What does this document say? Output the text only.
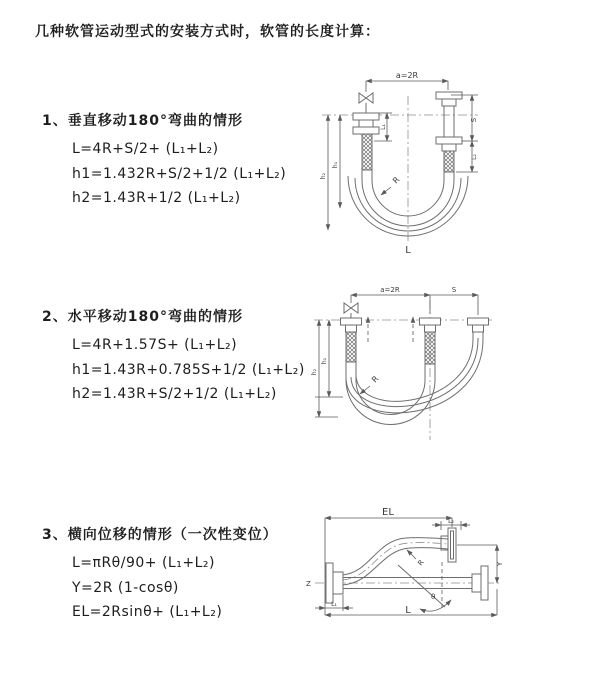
几种软管运动型式的安装方式时，软管的长度计算：
1、垂直移动180°弯曲的情形
L=4R+S/2+ (L₁+L₂)
h1=1.432R+S/2+1/2 (L₁+L₂)
h2=1.43R+1/2 (L₁+L₂)
a=2R
S
L₂
h₂
h₁
L₁
R
L
2、水平移动180°弯曲的情形
L=4R+1.57S+ (L₁+L₂)
h1=1.43R+0.785S+1/2 (L₁+L₂)
h2=1.43R+S/2+1/2 (L₁+L₂)
a=2R	S
h₂
h₁
R
3、横向位移的情形（一次性变位）
L=πRθ/90+ (L₁+L₂)
Y=2R (1-cosθ)
EL=2Rsinθ+ (L₁+L₂)
Z
EL
L₂
Y
L
L₁
θ
R
